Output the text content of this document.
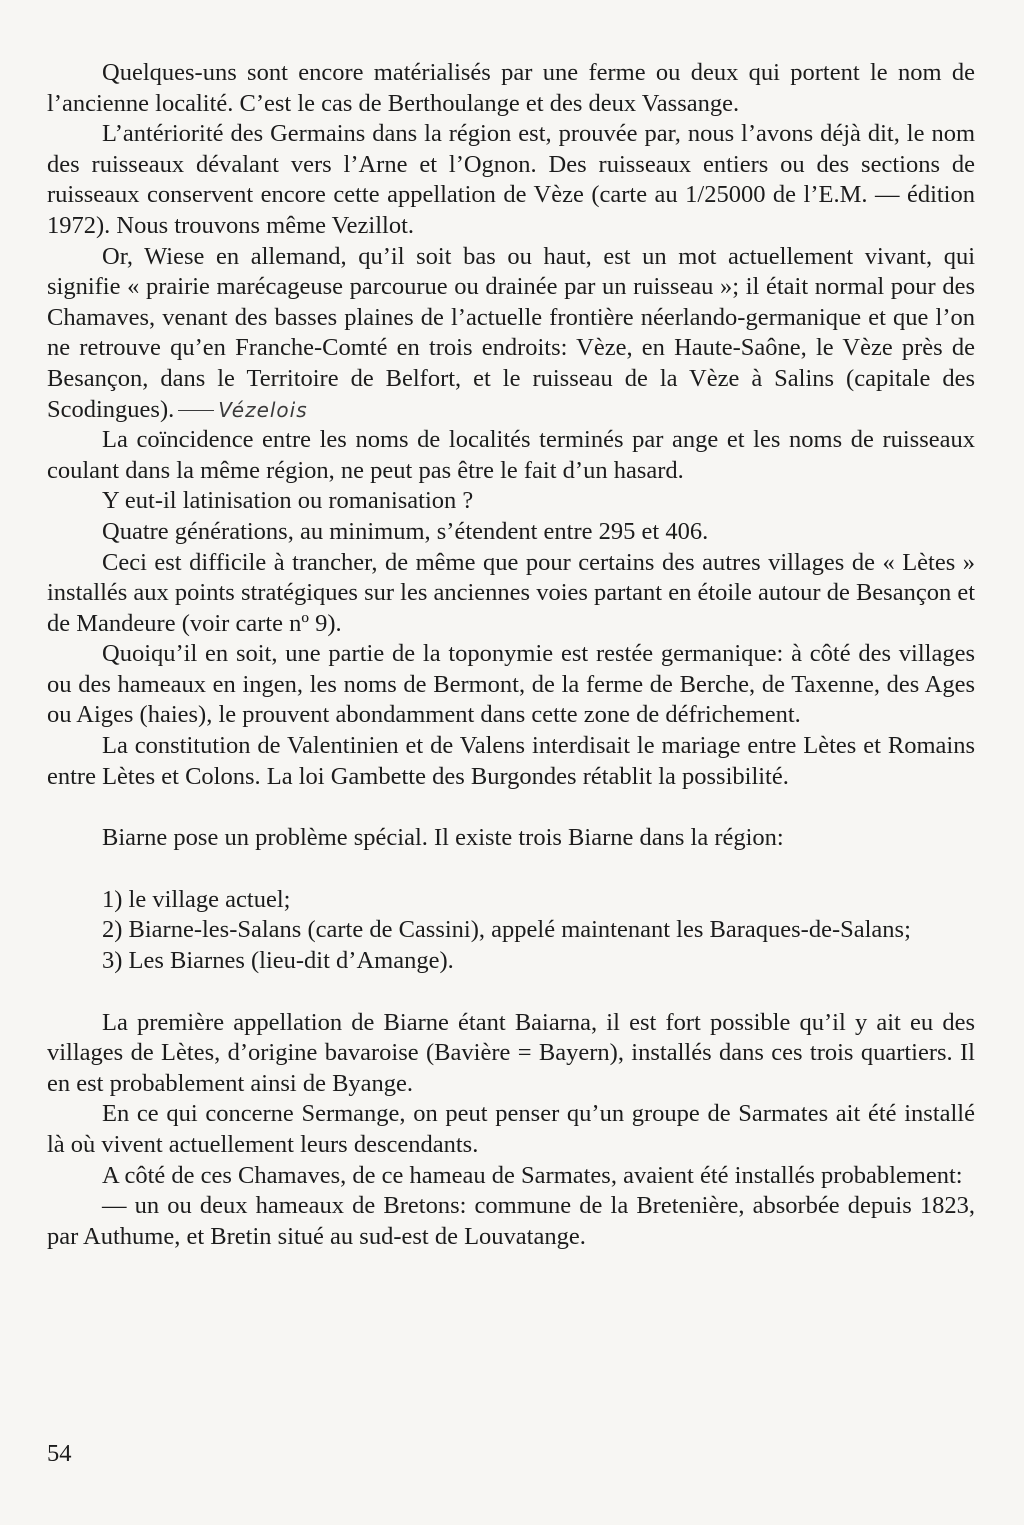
Quelques-uns sont encore matérialisés par une ferme ou deux qui portent le nom de l’ancienne localité. C’est le cas de Berthoulange et des deux Vassange.

L’antériorité des Germains dans la région est, prouvée par, nous l’avons déjà dit, le nom des ruisseaux dévalant vers l’Arne et l’Ognon. Des ruisseaux entiers ou des sections de ruisseaux conservent encore cette appellation de Vèze (carte au 1/25000 de l’E.M. — édition 1972). Nous trouvons même Vezillot.

Or, Wiese en allemand, qu’il soit bas ou haut, est un mot actuellement vivant, qui signifie « prairie marécageuse parcourue ou drainée par un ruisseau »; il était normal pour des Chamaves, venant des basses plaines de l’actuelle frontière néerlando-germanique et que l’on ne retrouve qu’en Franche-Comté en trois endroits: Vèze, en Haute-Saône, le Vèze près de Besançon, dans le Territoire de Belfort, et le ruisseau de la Vèze à Salins (capitale des Scodingues). Vézelois

La coïncidence entre les noms de localités terminés par ange et les noms de ruisseaux coulant dans la même région, ne peut pas être le fait d’un hasard.

Y eut-il latinisation ou romanisation ?

Quatre générations, au minimum, s’étendent entre 295 et 406.

Ceci est difficile à trancher, de même que pour certains des autres villages de « Lètes » installés aux points stratégiques sur les anciennes voies partant en étoile autour de Besançon et de Mandeure (voir carte nº 9).

Quoiqu’il en soit, une partie de la toponymie est restée germanique: à côté des villages ou des hameaux en ingen, les noms de Bermont, de la ferme de Berche, de Taxenne, des Ages ou Aiges (haies), le prouvent abondamment dans cette zone de défrichement.

La constitution de Valentinien et de Valens interdisait le mariage entre Lètes et Romains entre Lètes et Colons. La loi Gambette des Burgondes rétablit la possibilité.

Biarne pose un problème spécial. Il existe trois Biarne dans la région:

1) le village actuel;

2) Biarne-les-Salans (carte de Cassini), appelé maintenant les Baraques-de-Salans;

3) Les Biarnes (lieu-dit d’Amange).

La première appellation de Biarne étant Baiarna, il est fort possible qu’il y ait eu des villages de Lètes, d’origine bavaroise (Bavière = Bayern), installés dans ces trois quartiers. Il en est probablement ainsi de Byange.

En ce qui concerne Sermange, on peut penser qu’un groupe de Sarmates ait été installé là où vivent actuellement leurs descendants.

A côté de ces Chamaves, de ce hameau de Sarmates, avaient été installés probablement:

— un ou deux hameaux de Bretons: commune de la Bretenière, absorbée depuis 1823, par Authume, et Bretin situé au sud-est de Louvatange.

54
